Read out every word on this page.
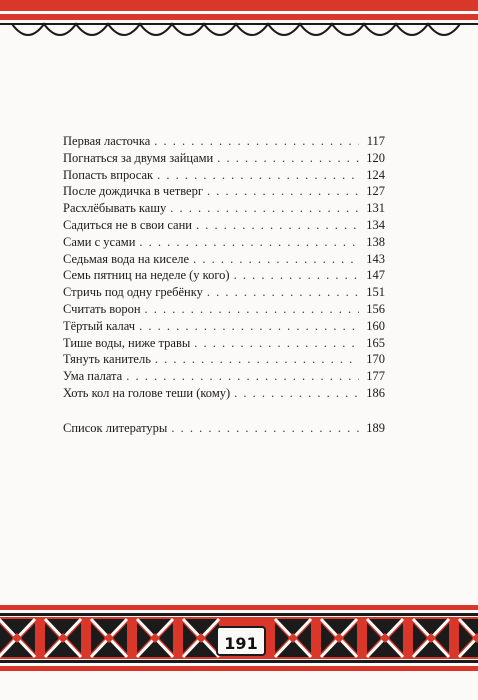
Первая ласточка . . .	117
Погнаться за двумя зайцами . . .	120
Попасть впросак . . .	124
После дождичка в четверг . . .	127
Расхлёбывать кашу . . .	131
Садиться не в свои сани . . .	134
Сами с усами . . .	138
Седьмая вода на киселе . . .	143
Семь пятниц на неделе (у кого) . . .	147
Стричь под одну гребёнку . . .	151
Считать ворон . . .	156
Тёртый калач . . .	160
Тише воды, ниже травы . . .	165
Тянуть канитель . . .	170
Ума палата . . .	177
Хоть кол на голове теши (кому) . . .	186
Список литературы . . .	189
191
